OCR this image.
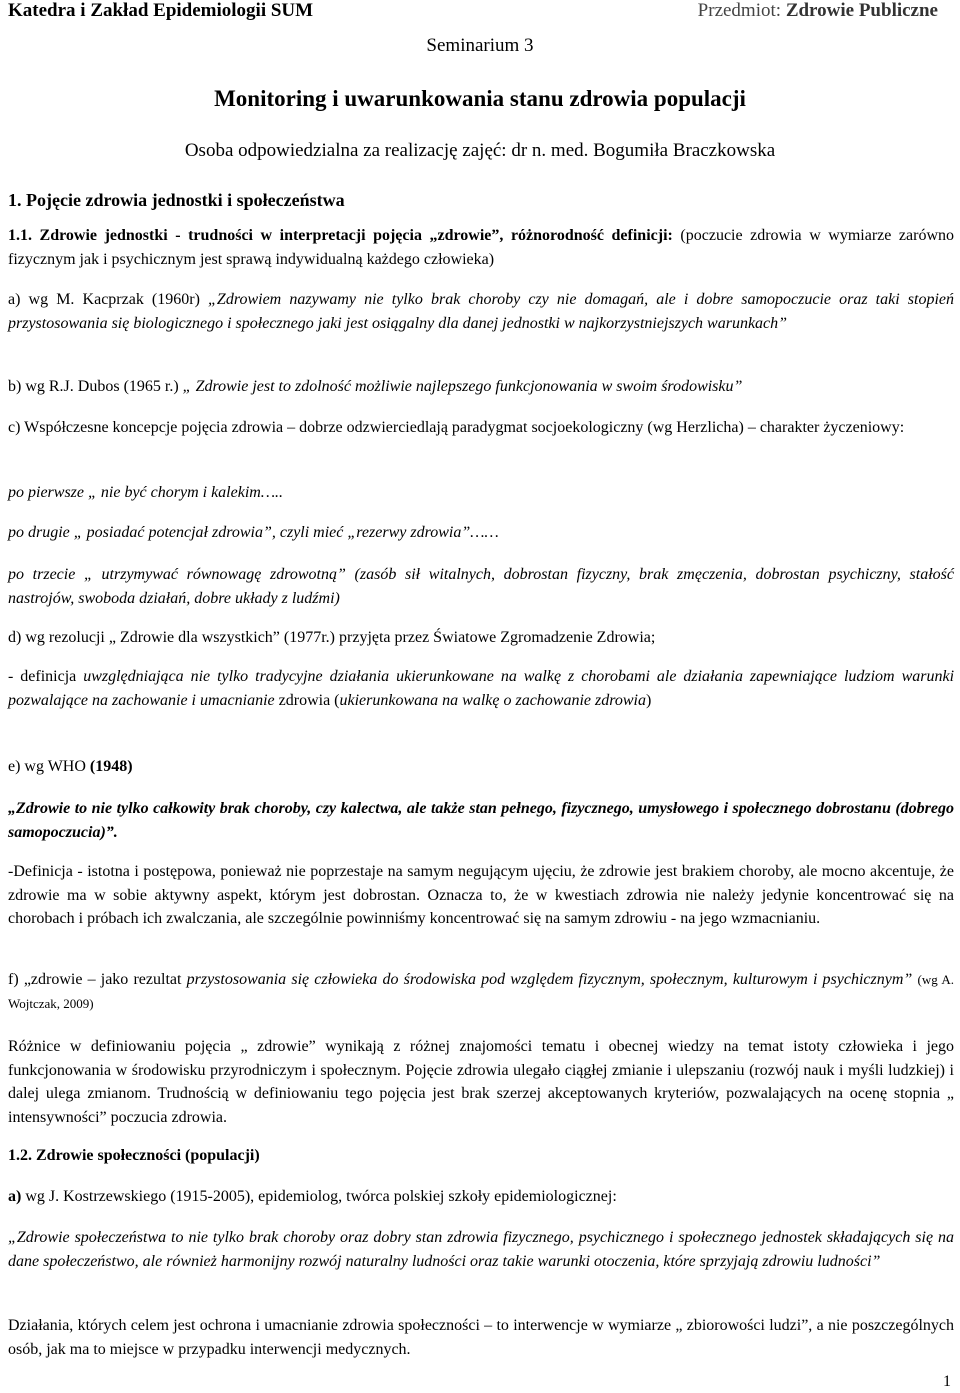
Katedra i Zakład Epidemiologii SUM	Przedmiot: Zdrowie Publiczne
Seminarium 3
Monitoring i uwarunkowania stanu zdrowia populacji
Osoba odpowiedzialna za realizację zajęć: dr n. med. Bogumiła Braczkowska
1. Pojęcie zdrowia jednostki i społeczeństwa
1.1. Zdrowie jednostki - trudności w interpretacji pojęcia „zdrowie”, różnorodność definicji: (poczucie zdrowia w wymiarze zarówno fizycznym jak i psychicznym jest sprawą indywidualną każdego człowieka)
a) wg M. Kacprzak (1960r) „Zdrowiem nazywamy nie tylko brak choroby czy nie domagań, ale i dobre samopoczucie oraz taki stopień przystosowania się biologicznego i społecznego jaki jest osiągalny dla danej jednostki w najkorzystniejszych warunkach”
b) wg R.J. Dubos (1965 r.) „ Zdrowie jest to zdolność możliwie najlepszego funkcjonowania w swoim środowisku”
c) Współczesne koncepcje pojęcia zdrowia – dobrze odzwierciedlają paradygmat socjoekologiczny (wg Herzlicha) – charakter życzeniowy:
po pierwsze „ nie być chorym i kalekim…..
po drugie „ posiadać potencjał zdrowia”, czyli mieć „rezerwy zdrowia”……
po trzecie „ utrzymywać równowagę zdrowotną” (zasób sił witalnych, dobrostan fizyczny, brak zmęczenia, dobrostan psychiczny, stałość nastrojów, swoboda działań, dobre układy z ludźmi)
d) wg rezolucji „ Zdrowie dla wszystkich” (1977r.) przyjęta przez Światowe Zgromadzenie Zdrowia;
- definicja uwzględniająca nie tylko tradycyjne działania ukierunkowane na walkę z chorobami ale działania zapewniające ludziom warunki pozwalające na zachowanie i umacnianie zdrowia (ukierunkowana na walkę o zachowanie zdrowia)
e) wg WHO (1948)
„Zdrowie to nie tylko całkowity brak choroby, czy kalectwa, ale także stan pełnego, fizycznego, umysłowego i społecznego dobrostanu (dobrego samopoczucia)”.
-Definicja - istotna i postępowa, ponieważ nie poprzestaje na samym negującym ujęciu, że zdrowie jest brakiem choroby, ale mocno akcentuje, że zdrowie ma w sobie aktywny aspekt, którym jest dobrostan. Oznacza to, że w kwestiach zdrowia nie należy jedynie koncentrować się na chorobach i próbach ich zwalczania, ale szczególnie powinniśmy koncentrować się na samym zdrowiu - na jego wzmacnianiu.
f) „zdrowie – jako rezultat przystosowania się człowieka do środowiska pod względem fizycznym, społecznym, kulturowym i psychicznym” (wg A. Wojtczak, 2009)
Różnice w definiowaniu pojęcia „ zdrowie” wynikają z różnej znajomości tematu i obecnej wiedzy na temat istoty człowieka i jego funkcjonowania w środowisku przyrodniczym i społecznym. Pojęcie zdrowia ulegało ciągłej zmianie i ulepszaniu (rozwój nauk i myśli ludzkiej) i dalej ulega zmianom. Trudnością w definiowaniu tego pojęcia jest brak szerzej akceptowanych kryteriów, pozwalających na ocenę stopnia „ intensywności” poczucia zdrowia.
1.2. Zdrowie społeczności (populacji)
a) wg J. Kostrzewskiego (1915-2005), epidemiolog, twórca polskiej szkoły epidemiologicznej:
„Zdrowie społeczeństwa to nie tylko brak choroby oraz dobry stan zdrowia fizycznego, psychicznego i społecznego jednostek składających się na dane społeczeństwo, ale również harmonijny rozwój naturalny ludności oraz takie warunki otoczenia, które sprzyjają zdrowiu ludności”
Działania, których celem jest ochrona i umacnianie zdrowia społeczności – to interwencje w wymiarze „ zbiorowości ludzi”, a nie poszczególnych osób, jak ma to miejsce w przypadku interwencji medycznych.
1
